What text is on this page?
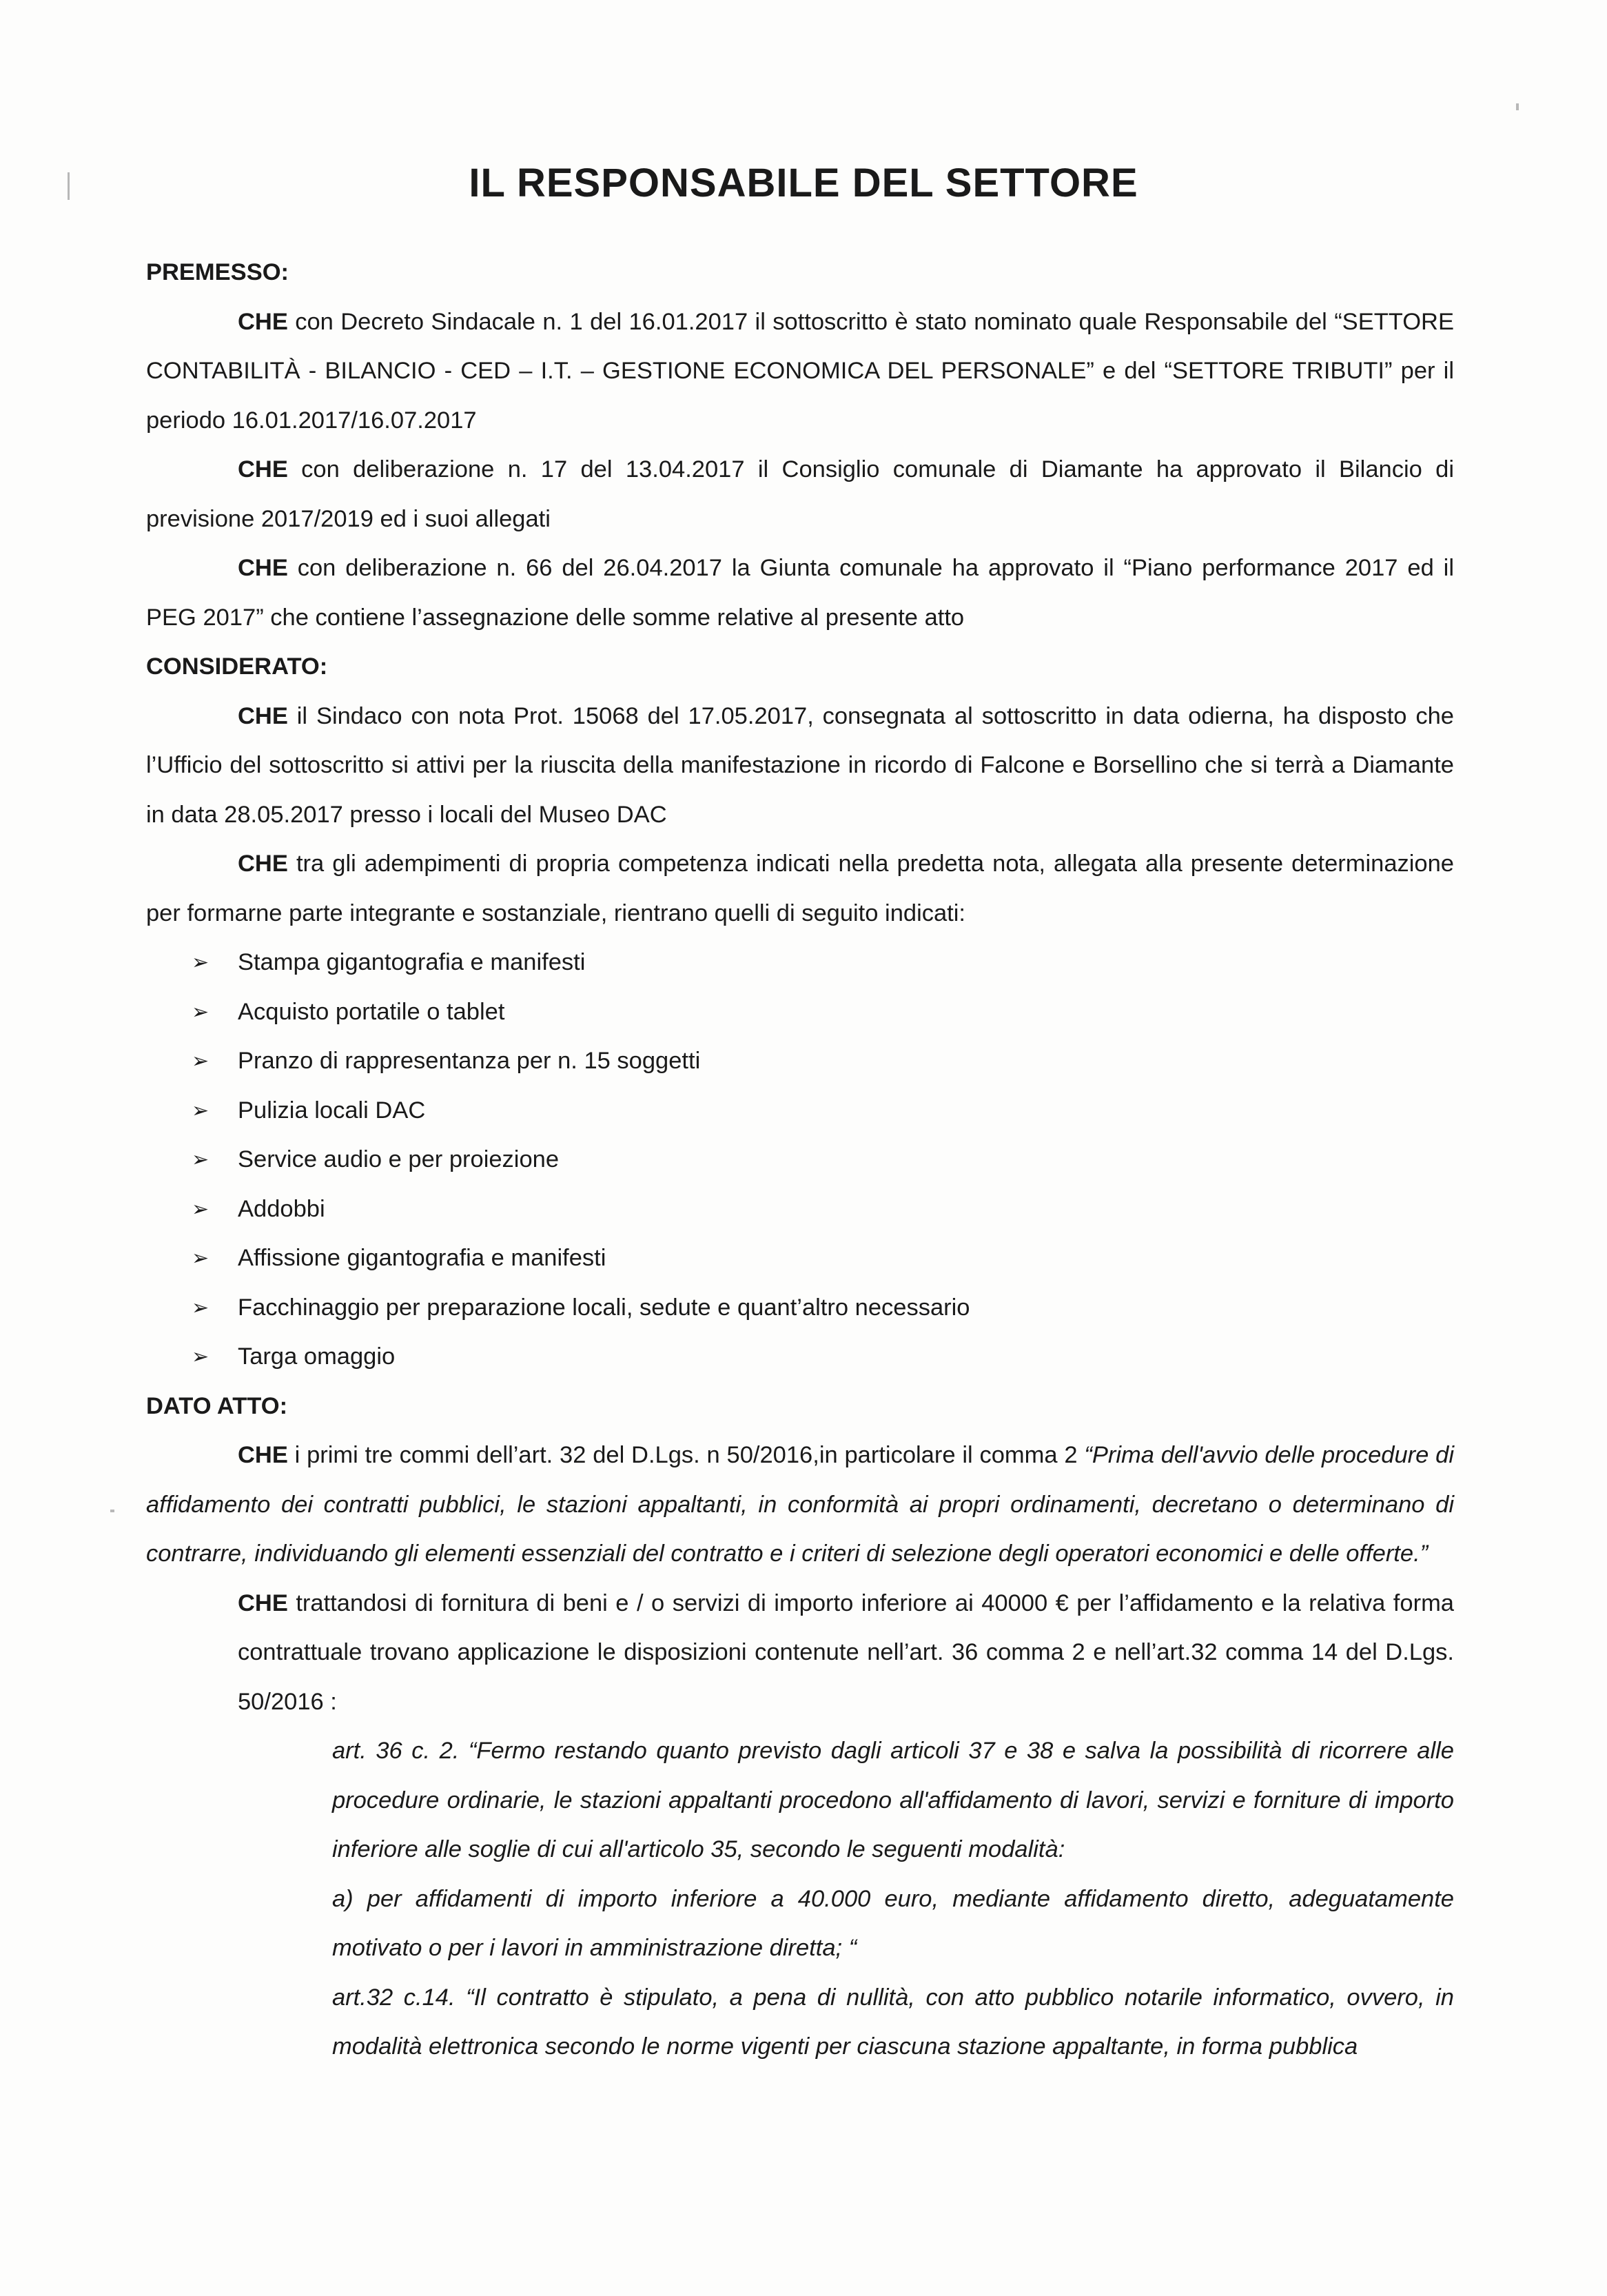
IL RESPONSABILE DEL SETTORE
PREMESSO:
CHE con Decreto Sindacale n. 1 del 16.01.2017 il sottoscritto è stato nominato quale Responsabile del “SETTORE CONTABILITÀ - BILANCIO - CED – I.T. – GESTIONE ECONOMICA DEL PERSONALE” e del “SETTORE TRIBUTI” per il periodo 16.01.2017/16.07.2017
CHE con deliberazione n. 17 del 13.04.2017 il Consiglio comunale di Diamante ha approvato il Bilancio di previsione 2017/2019 ed i suoi allegati
CHE con deliberazione n. 66 del 26.04.2017 la Giunta comunale ha approvato il “Piano performance 2017 ed il PEG 2017” che contiene l’assegnazione delle somme relative al presente atto
CONSIDERATO:
CHE il Sindaco con nota Prot. 15068 del 17.05.2017, consegnata al sottoscritto in data odierna, ha disposto che l’Ufficio del sottoscritto si attivi per la riuscita della manifestazione in ricordo di Falcone e Borsellino che si terrà a Diamante in data 28.05.2017 presso i locali del Museo DAC
CHE tra gli adempimenti di propria competenza indicati nella predetta nota, allegata alla presente determinazione per formarne parte integrante e sostanziale, rientrano quelli di seguito indicati:
➢ Stampa gigantografia e manifesti
➢ Acquisto portatile o tablet
➢ Pranzo di rappresentanza per n. 15 soggetti
➢ Pulizia locali DAC
➢ Service audio e per proiezione
➢ Addobbi
➢ Affissione gigantografia e manifesti
➢ Facchinaggio per preparazione locali, sedute e quant’altro necessario
➢ Targa omaggio
DATO ATTO:
CHE i primi tre commi dell’art. 32 del D.Lgs. n 50/2016,in particolare il comma 2 “Prima dell'avvio delle procedure di affidamento dei contratti pubblici, le stazioni appaltanti, in conformità ai propri ordinamenti, decretano o determinano di contrarre, individuando gli elementi essenziali del contratto e i criteri di selezione degli operatori economici e delle offerte.”
CHE trattandosi di fornitura di beni e / o servizi di importo inferiore ai 40000 € per l’affidamento e la relativa forma contrattuale trovano applicazione le disposizioni contenute nell’art. 36 comma 2 e nell’art.32 comma 14 del D.Lgs. 50/2016 :
art. 36 c. 2. “Fermo restando quanto previsto dagli articoli 37 e 38 e salva la possibilità di ricorrere alle procedure ordinarie, le stazioni appaltanti procedono all'affidamento di lavori, servizi e forniture di importo inferiore alle soglie di cui all'articolo 35, secondo le seguenti modalità:
a) per affidamenti di importo inferiore a 40.000 euro, mediante affidamento diretto, adeguatamente motivato o per i lavori in amministrazione diretta; “
art.32 c.14. “Il contratto è stipulato, a pena di nullità, con atto pubblico notarile informatico, ovvero, in modalità elettronica secondo le norme vigenti per ciascuna stazione appaltante, in forma pubblica
